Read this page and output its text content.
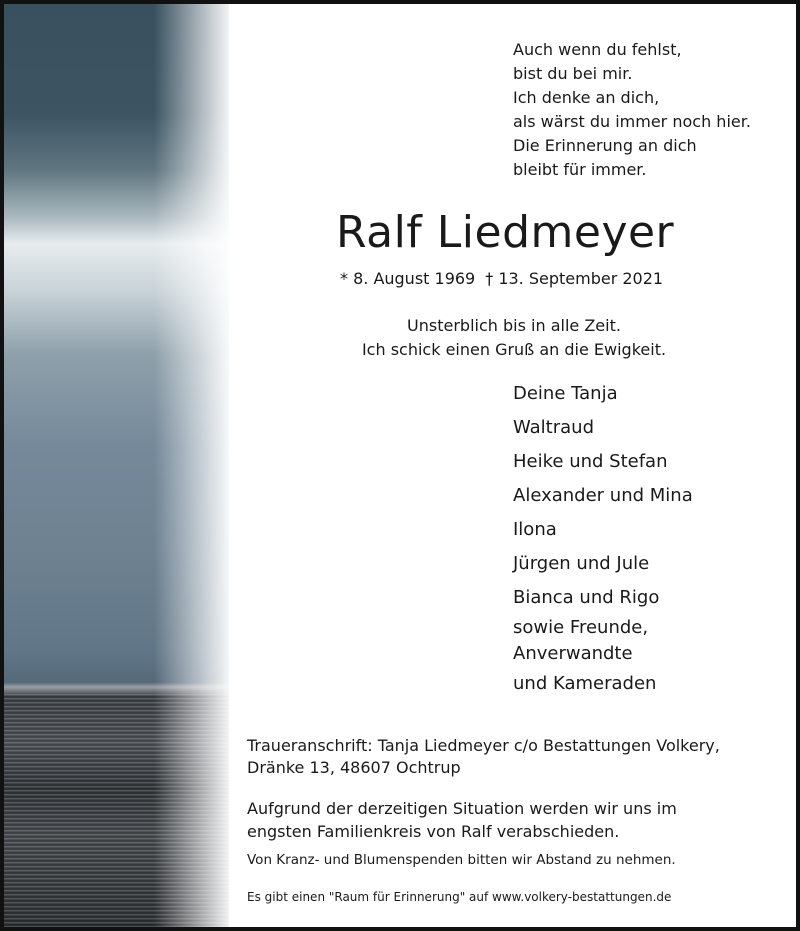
Auch wenn du fehlst,
bist du bei mir.
Ich denke an dich,
als wärst du immer noch hier.
Die Erinnerung an dich
bleibt für immer.
Ralf Liedmeyer
* 8. August 1969 † 13. September 2021

Unsterblich bis in alle Zeit.
Ich schick einen Gruß an die Ewigkeit.

Deine Tanja
Waltraud
Heike und Stefan
Alexander und Mina
Ilona
Jürgen und Jule
Bianca und Rigo
sowie Freunde,
Anverwandte
und Kameraden
Traueranschrift: Tanja Liedmeyer c/o Bestattungen Volkery,
Dränke 13, 48607 Ochtrup
Aufgrund der derzeitigen Situation werden wir uns im
engsten Familienkreis von Ralf verabschieden.
Von Kranz- und Blumenspenden bitten wir Abstand zu nehmen.
Es gibt einen "Raum für Erinnerung" auf www.volkery-bestattungen.de
